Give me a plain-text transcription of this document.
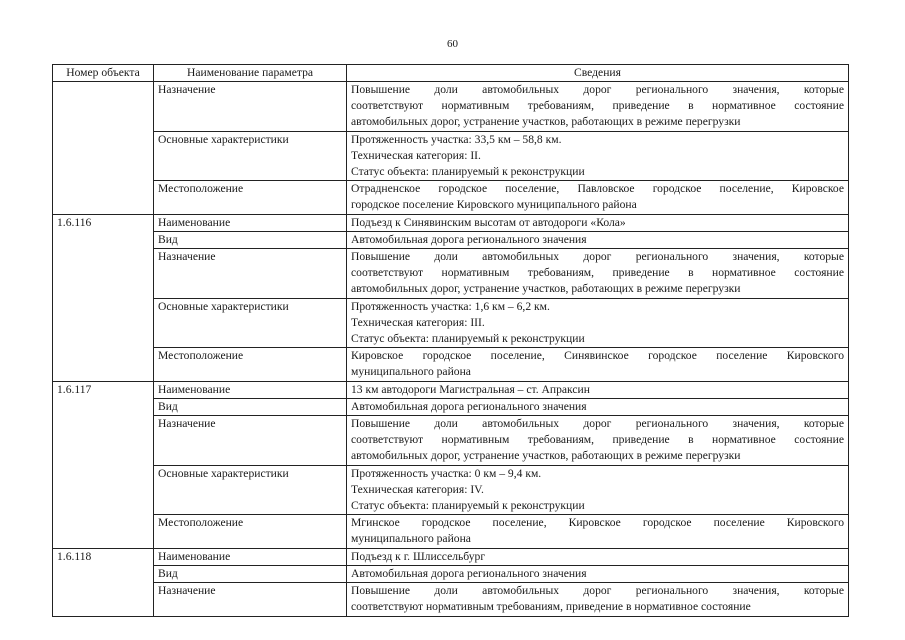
60
Номер объекта	Наименование параметра	Сведения
	Назначение	Повышение доли автомобильных дорог регионального значения, которые
соответствуют нормативным требованиям, приведение в нормативное состояние
автомобильных дорог, устранение участков, работающих в режиме перегрузки

	Основные характеристики	Протяженность участка: 33,5 км – 58,8 км.
Техническая категория: II.
Статус объекта: планируемый к реконструкции

	Местоположение	Отрадненское городское поселение, Павловское городское поселение, Кировское
городское поселение Кировского муниципального района

1.6.116	Наименование	Подъезд к Синявинским высотам от автодороги «Кола»

	Вид	Автомобильная дорога регионального значения

	Назначение	Повышение доли автомобильных дорог регионального значения, которые
соответствуют нормативным требованиям, приведение в нормативное состояние
автомобильных дорог, устранение участков, работающих в режиме перегрузки

	Основные характеристики	Протяженность участка: 1,6 км – 6,2 км.
Техническая категория: III.
Статус объекта: планируемый к реконструкции

	Местоположение	Кировское городское поселение, Синявинское городское поселение Кировского
муниципального района

1.6.117	Наименование	13 км автодороги Магистральная – ст. Апраксин

	Вид	Автомобильная дорога регионального значения

	Назначение	Повышение доли автомобильных дорог регионального значения, которые
соответствуют нормативным требованиям, приведение в нормативное состояние
автомобильных дорог, устранение участков, работающих в режиме перегрузки

	Основные характеристики	Протяженность участка: 0 км – 9,4 км.
Техническая категория: IV.
Статус объекта: планируемый к реконструкции

	Местоположение	Мгинское городское поселение, Кировское городское поселение Кировского
муниципального района

1.6.118	Наименование	Подъезд к г. Шлиссельбург

	Вид	Автомобильная дорога регионального значения

	Назначение	Повышение доли автомобильных дорог регионального значения, которые
соответствуют нормативным требованиям, приведение в нормативное состояние
